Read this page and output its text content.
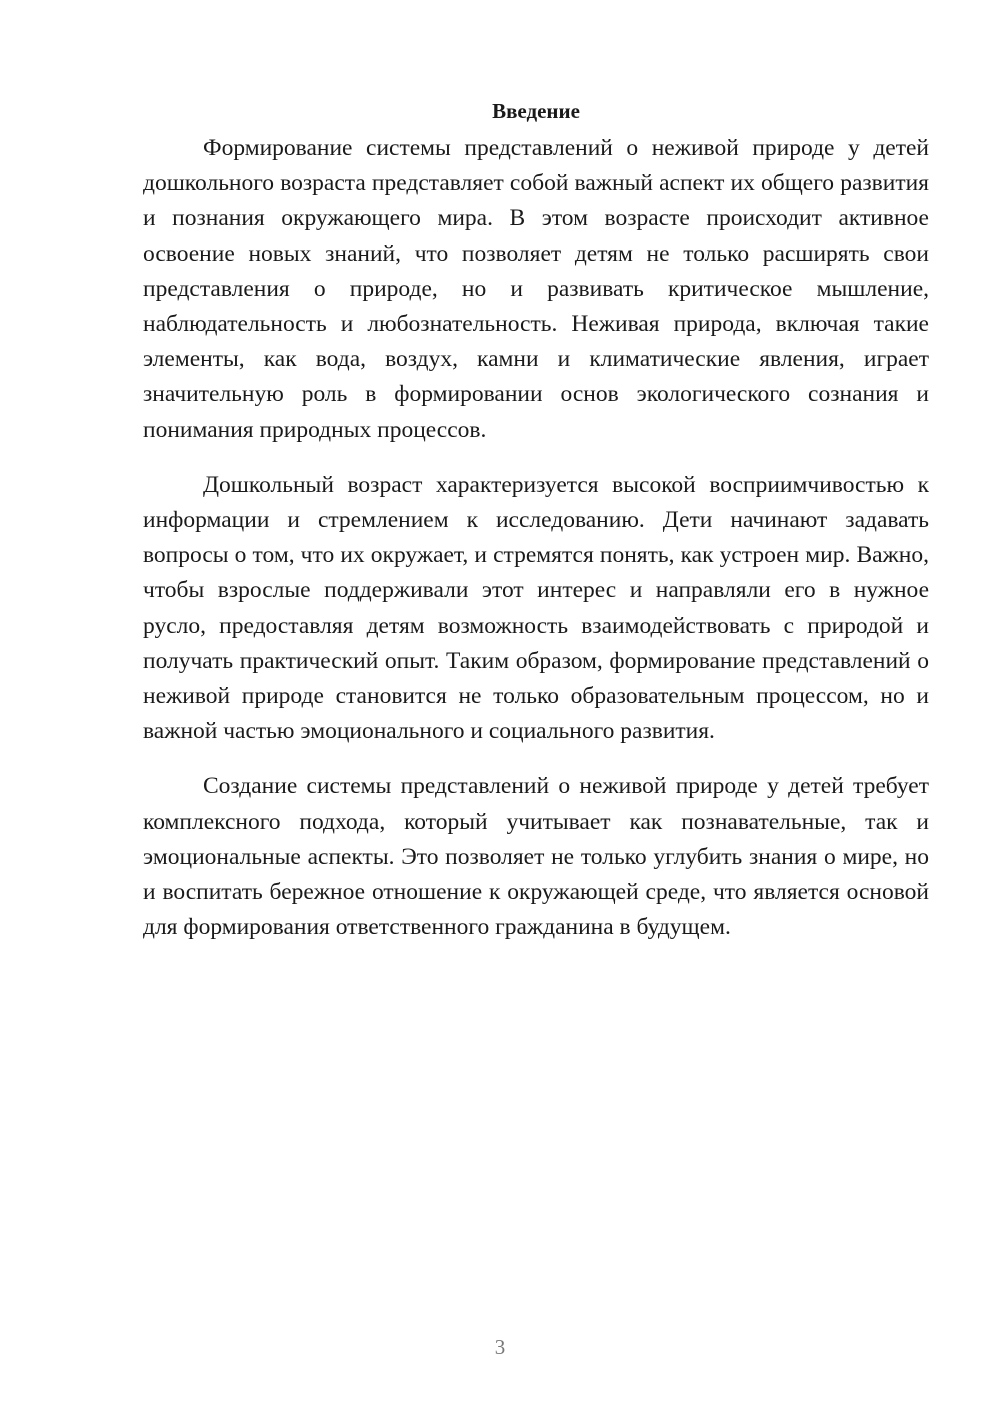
Введение

Формирование системы представлений о неживой природе у детей дошкольного возраста представляет собой важный аспект их общего развития и познания окружающего мира. В этом возрасте происходит активное освоение новых знаний, что позволяет детям не только расширять свои представления о природе, но и развивать критическое мышление, наблюдательность и любознательность. Неживая природа, включая такие элементы, как вода, воздух, камни и климатические явления, играет значительную роль в формировании основ экологического сознания и понимания природных процессов.

Дошкольный возраст характеризуется высокой восприимчивостью к информации и стремлением к исследованию. Дети начинают задавать вопросы о том, что их окружает, и стремятся понять, как устроен мир. Важно, чтобы взрослые поддерживали этот интерес и направляли его в нужное русло, предоставляя детям возможность взаимодействовать с природой и получать практический опыт. Таким образом, формирование представлений о неживой природе становится не только образовательным процессом, но и важной частью эмоционального и социального развития.

Создание системы представлений о неживой природе у детей требует комплексного подхода, который учитывает как познавательные, так и эмоциональные аспекты. Это позволяет не только углубить знания о мире, но и воспитать бережное отношение к окружающей среде, что является основой для формирования ответственного гражданина в будущем.

3
